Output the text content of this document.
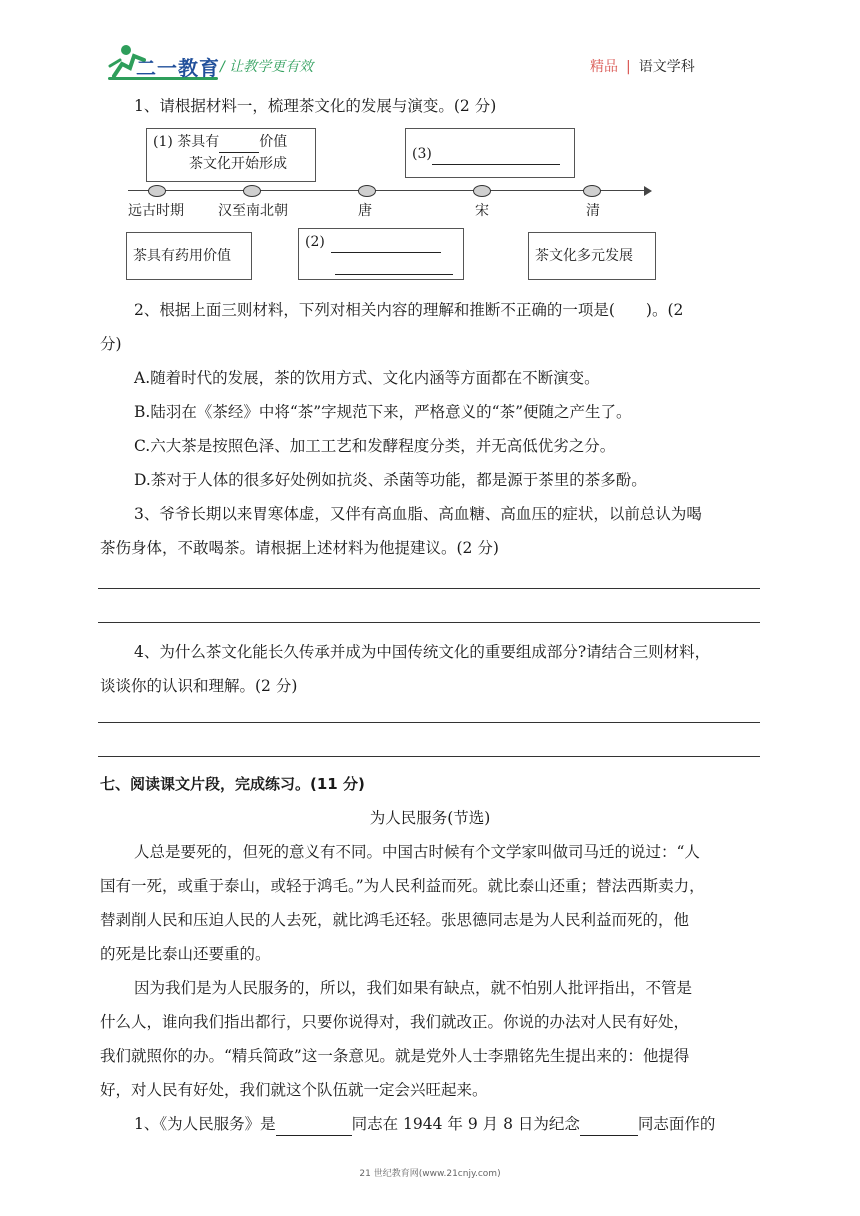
二一教育 / 让教学更有效	精品 | 语文学科
1、请根据材料一，梳理茶文化的发展与演变。(2 分)
(1) 茶具有	价值
茶文化开始形成
(3)
远古时期 汉至南北朝	唐	宋	清
茶具有药用价值
(2)

茶文化多元发展
2、根据上面三则材料，下列对相关内容的理解和推断不正确的一项是(　　)。(2
分)
A.随着时代的发展，茶的饮用方式、文化内涵等方面都在不断演变。
B.陆羽在《茶经》中将“茶”字规范下来，严格意义的“茶”便随之产生了。
C.六大茶是按照色泽、加工工艺和发酵程度分类，并无高低优劣之分。
D.茶对于人体的很多好处例如抗炎、杀菌等功能，都是源于茶里的茶多酚。
3、爷爷长期以来胃寒体虚，又伴有高血脂、高血糖、高血压的症状，以前总认为喝
茶伤身体，不敢喝茶。请根据上述材料为他提建议。(2 分)
4、为什么茶文化能长久传承并成为中国传统文化的重要组成部分?请结合三则材料，
谈谈你的认识和理解。(2 分)
七、阅读课文片段，完成练习。(11 分)
为人民服务(节选)
人总是要死的，但死的意义有不同。中国古时候有个文学家叫做司马迁的说过：“人
国有一死，或重于泰山，或轻于鸿毛。”为人民利益而死。就比泰山还重；替法西斯卖力，
替剥削人民和压迫人民的人去死，就比鸿毛还轻。张思德同志是为人民利益而死的，他
的死是比泰山还要重的。
因为我们是为人民服务的，所以，我们如果有缺点，就不怕别人批评指出，不管是
什么人，谁向我们指出都行，只要你说得对，我们就改正。你说的办法对人民有好处，
我们就照你的办。“精兵简政”这一条意见。就是党外人士李鼎铭先生提出来的：他提得
好，对人民有好处，我们就这个队伍就一定会兴旺起来。
1、《为人民服务》是	同志在 1944 年 9 月 8 日为纪念	同志面作的
21 世纪教育网(www.21cnjy.com)
